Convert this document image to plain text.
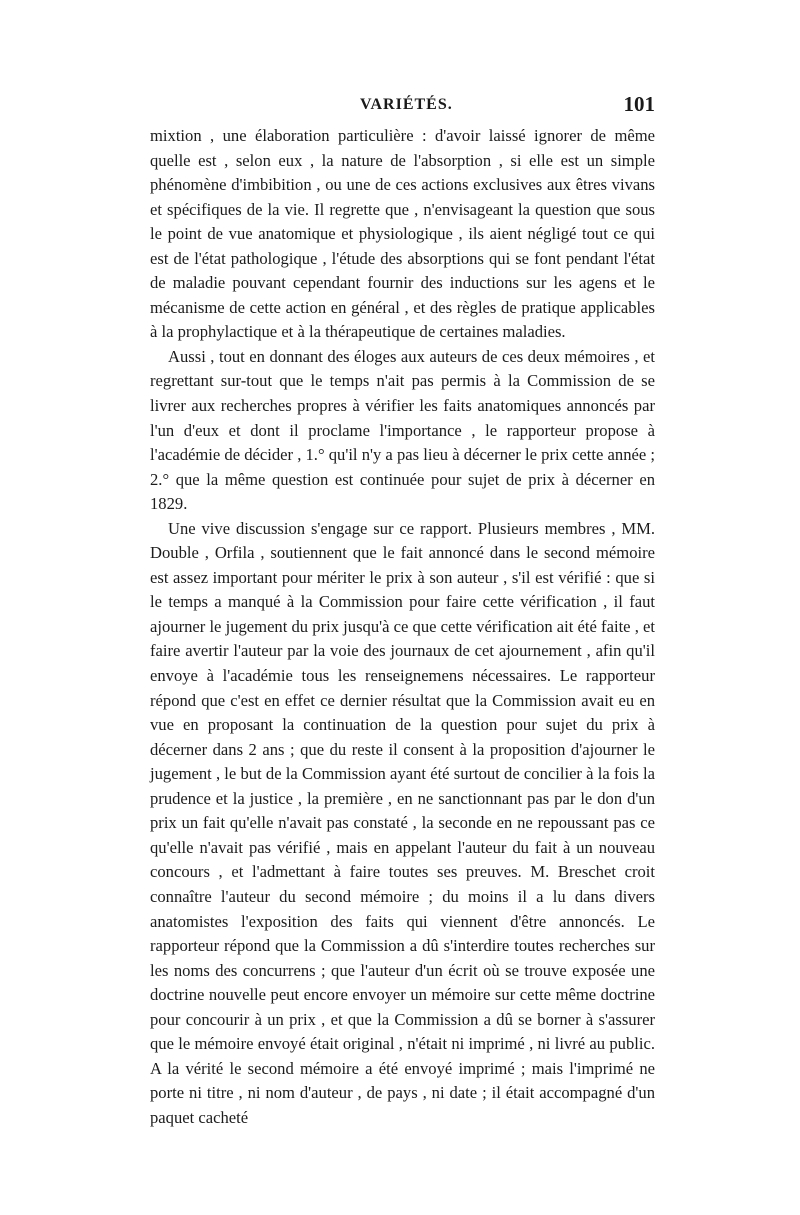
VARIÉTÉS.	101

mixtion , une élaboration particulière : d'avoir laissé ignorer de même quelle est , selon eux , la nature de l'absorption , si elle est un simple phénomène d'imbibition , ou une de ces actions exclusives aux êtres vivans et spécifiques de la vie. Il regrette que , n'envisageant la question que sous le point de vue anatomique et physiologique , ils aient négligé tout ce qui est de l'état pathologique , l'étude des absorptions qui se font pendant l'état de maladie pouvant cependant fournir des inductions sur les agens et le mécanisme de cette action en général , et des règles de pratique applicables à la prophylactique et à la thérapeutique de certaines maladies.

Aussi , tout en donnant des éloges aux auteurs de ces deux mémoires , et regrettant sur-tout que le temps n'ait pas permis à la Commission de se livrer aux recherches propres à vérifier les faits anatomiques annoncés par l'un d'eux et dont il proclame l'importance , le rapporteur propose à l'académie de décider , 1.° qu'il n'y a pas lieu à décerner le prix cette année ; 2.° que la même question est continuée pour sujet de prix à décerner en 1829.

Une vive discussion s'engage sur ce rapport. Plusieurs membres , MM. Double , Orfila , soutiennent que le fait annoncé dans le second mémoire est assez important pour mériter le prix à son auteur , s'il est vérifié : que si le temps a manqué à la Commission pour faire cette vérification , il faut ajourner le jugement du prix jusqu'à ce que cette vérification ait été faite , et faire avertir l'auteur par la voie des journaux de cet ajournement , afin qu'il envoye à l'académie tous les renseignemens nécessaires. Le rapporteur répond que c'est en effet ce dernier résultat que la Commission avait eu en vue en proposant la continuation de la question pour sujet du prix à décerner dans 2 ans ; que du reste il consent à la proposition d'ajourner le jugement , le but de la Commission ayant été surtout de concilier à la fois la prudence et la justice , la première , en ne sanctionnant pas par le don d'un prix un fait qu'elle n'avait pas constaté , la seconde en ne repoussant pas ce qu'elle n'avait pas vérifié , mais en appelant l'auteur du fait à un nouveau concours , et l'admettant à faire toutes ses preuves. M. Breschet croit connaître l'auteur du second mémoire ; du moins il a lu dans divers anatomistes l'exposition des faits qui viennent d'être annoncés. Le rapporteur répond que la Commission a dû s'interdire toutes recherches sur les noms des concurrens ; que l'auteur d'un écrit où se trouve exposée une doctrine nouvelle peut encore envoyer un mémoire sur cette même doctrine pour concourir à un prix , et que la Commission a dû se borner à s'assurer que le mémoire envoyé était original , n'était ni imprimé , ni livré au public. A la vérité le second mémoire a été envoyé imprimé ; mais l'imprimé ne porte ni titre , ni nom d'auteur , de pays , ni date ; il était accompagné d'un paquet cacheté
